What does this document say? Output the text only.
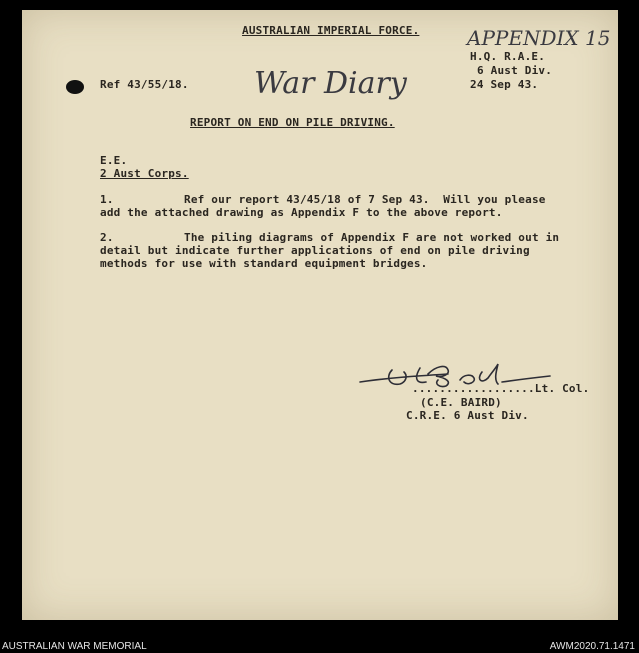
AUSTRALIAN IMPERIAL FORCE. APPENDIX 15
Ref 43/55/18. War Diary
H.Q. R.A.E.
6 Aust Div.
24 Sep 43.
REPORT ON END ON PILE DRIVING.
E.E.
2 Aust Corps.
1.	Ref our report 43/45/18 of 7 Sep 43.  Will you please
add the attached drawing as Appendix F to the above report.
2.	The piling diagrams of Appendix F are not worked out in
detail but indicate further applications of end on pile driving
methods for use with standard equipment bridges.
..................Lt. Col.
(C.E. BAIRD)
C.R.E. 6 Aust Div.
AUSTRALIAN WAR MEMORIAL	AWM2020.71.1471
